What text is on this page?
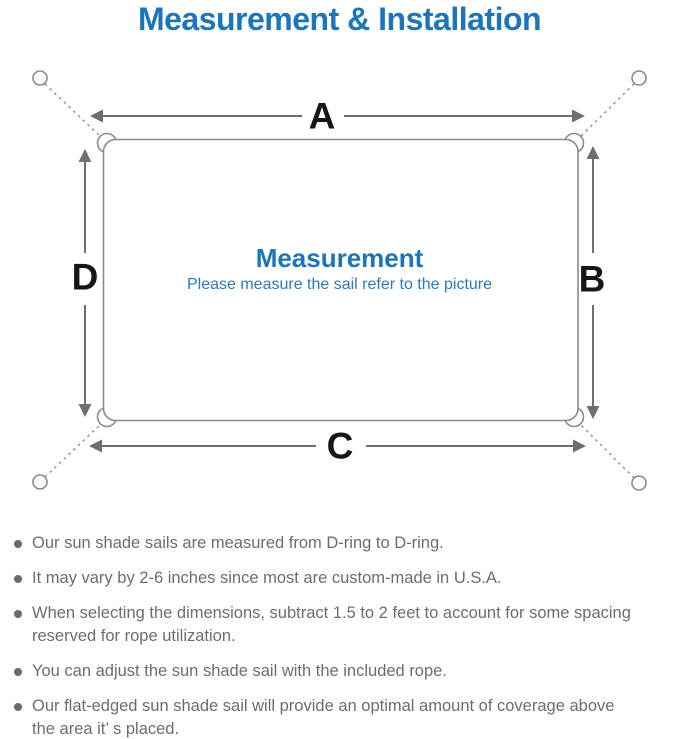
Measurement & Installation
A
B
C
D	Measurement
Please measure the sail refer to the picture
Our sun shade sails are measured from D-ring to D-ring.
It may vary by 2-6 inches since most are custom-made in U.S.A.
When selecting the dimensions, subtract 1.5 to 2 feet to account for some spacing
reserved for rope utilization.
You can adjust the sun shade sail with the included rope.
Our flat-edged sun shade sail will provide an optimal amount of coverage above
the area it’ s placed.
